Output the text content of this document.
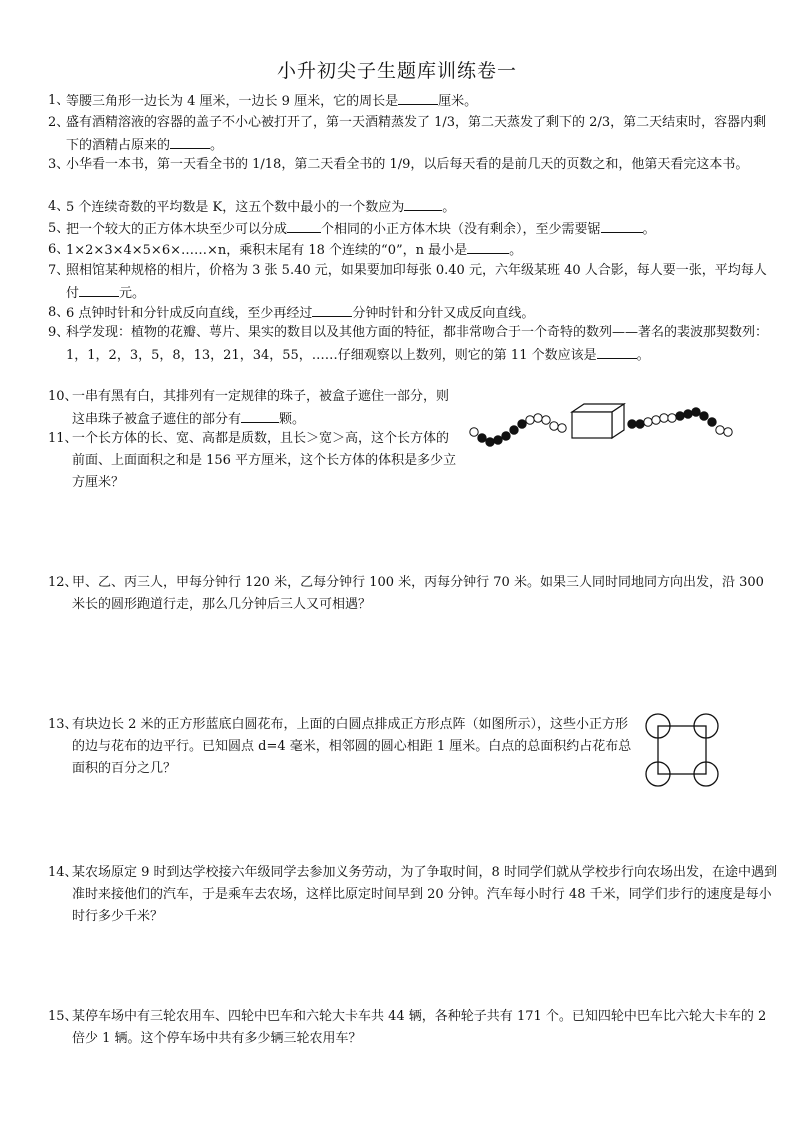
小升初尖子生题库训练卷一
1、
等腰三角形一边长为 4 厘米，一边长 9 厘米，它的周长是	厘米。
2、
盛有酒精溶液的容器的盖子不小心被打开了，第一天酒精蒸发了 1/3，第二天蒸发了剩下的 2/3，第二天结束时，容器内剩下的酒精占原来的	。
3、
小华看一本书，第一天看全书的 1/18，第二天看全书的 1/9，以后每天看的是前几天的页数之和，他第天看完这本书。
4、
5 个连续奇数的平均数是 K，这五个数中最小的一个数应为	。
5、
把一个较大的正方体木块至少可以分成	个相同的小正方体木块（没有剩余），至少需要锯	。
6、
1×2×3×4×5×6×……×n，乘积末尾有 18 个连续的“0”，n 最小是	。
7、
照相馆某种规格的相片，价格为 3 张 5.40 元，如果要加印每张 0.40 元，六年级某班 40 人合影，每人要一张，平均每人付	元。
8、
6 点钟时针和分针成反向直线，至少再经过	分钟时针和分针又成反向直线。
9、
科学发现：植物的花瓣、萼片、果实的数目以及其他方面的特征，都非常吻合于一个奇特的数列——著名的裴波那契数列：1，1，2，3，5，8，13，21，34，55，……仔细观察以上数列，则它的第 11 个数应该是	。
10、
一串有黑有白，其排列有一定规律的珠子，被盒子遮住一部分，则这串珠子被盒子遮住的部分有	颗。
11、
一个长方体的长、宽、高都是质数，且长＞宽＞高，这个长方体的前面、上面面积之和是 156 平方厘米，这个长方体的体积是多少立方厘米？
12、
甲、乙、丙三人，甲每分钟行 120 米，乙每分钟行 100 米，丙每分钟行 70 米。如果三人同时同地同方向出发，沿 300 米长的圆形跑道行走，那么几分钟后三人又可相遇？
13、
有块边长 2 米的正方形蓝底白圆花布，上面的白圆点排成正方形点阵（如图所示），这些小正方形的边与花布的边平行。已知圆点 d=4 毫米，相邻圆的圆心相距 1 厘米。白点的总面积约占花布总面积的百分之几？
14、
某农场原定 9 时到达学校接六年级同学去参加义务劳动，为了争取时间，8 时同学们就从学校步行向农场出发，在途中遇到准时来接他们的汽车，于是乘车去农场，这样比原定时间早到 20 分钟。汽车每小时行 48 千米，同学们步行的速度是每小时行多少千米？
15、
某停车场中有三轮农用车、四轮中巴车和六轮大卡车共 44 辆，各种轮子共有 171 个。已知四轮中巴车比六轮大卡车的 2 倍少 1 辆。这个停车场中共有多少辆三轮农用车？
